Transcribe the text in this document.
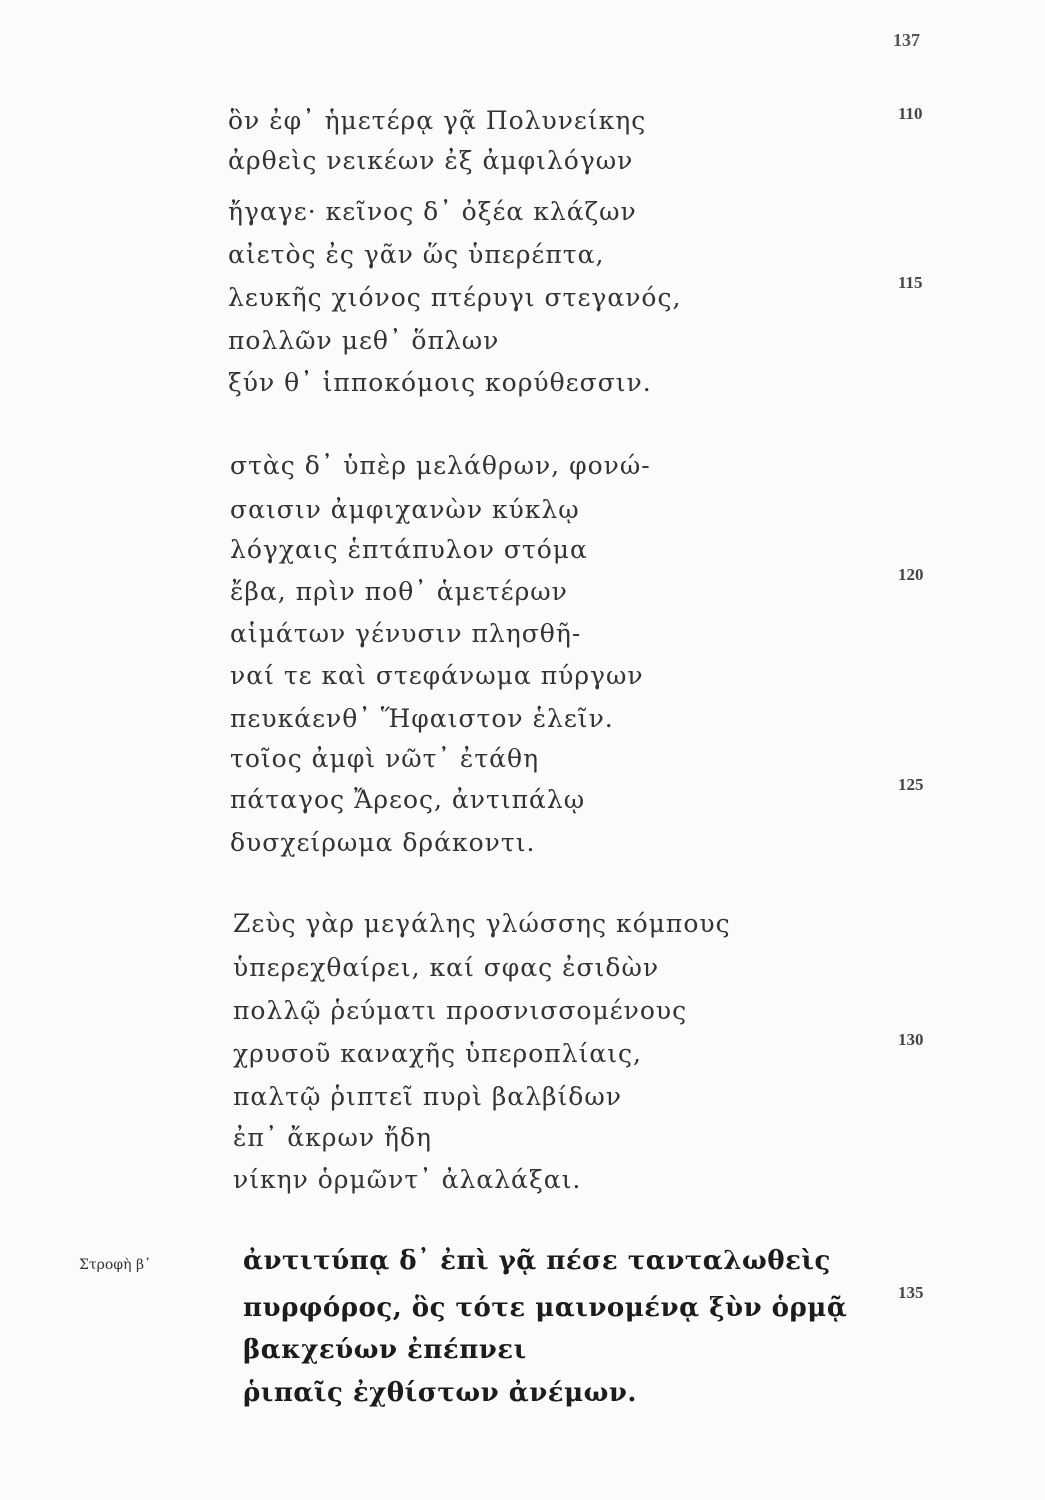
137
ὃν ἐφ᾽ ἡμετέρᾳ γᾷ Πολυνείκης
ἀρθεὶς νεικέων ἐξ ἀμφιλόγων
ἤγαγε· κεῖνος δ᾽ ὀξέα κλάζων
αἰετὸς ἐς γᾶν ὥς ὑπερέπτα,
λευκῆς χιόνος πτέρυγι στεγανός,
πολλῶν μεθ᾽ ὅπλων
ξύν θ᾽ ἱπποκόμοις κορύθεσσιν.
στὰς δ᾽ ὑπὲρ μελάθρων, φονώ-
σαισιν ἀμφιχανὼν κύκλῳ
λόγχαις ἑπτάπυλον στόμα
ἔβα, πρὶν ποθ᾽ ἁμετέρων
αἱμάτων γένυσιν πλησθῆ-
ναί τε καὶ στεφάνωμα πύργων
πευκάενθ᾽ Ἥφαιστον ἑλεῖν.
τοῖος ἀμφὶ νῶτ᾽ ἐτάθη
πάταγος Ἄρεος, ἀντιπάλῳ
δυσχείρωμα δράκοντι.
Ζεὺς γὰρ μεγάλης γλώσσης κόμπους
ὑπερεχθαίρει, καί σφας ἐσιδὼν
πολλῷ ῥεύματι προσνισσομένους
χρυσοῦ καναχῆς ὑπεροπλίαις,
παλτῷ ῥιπτεῖ πυρὶ βαλβίδων
ἐπ᾽ ἄκρων ἤδη
νίκην ὁρμῶντ᾽ ἀλαλάξαι.
Στροφὴ β᾽	ἀντιτύπᾳ δ᾽ ἐπὶ γᾷ πέσε τανταλωθεὶς
πυρφόρος, ὃς τότε μαινομένᾳ ξὺν ὁρμᾷ
βακχεύων ἐπέπνει
ῥιπαῖς ἐχθίστων ἀνέμων.
110
115
120
125
130
135
